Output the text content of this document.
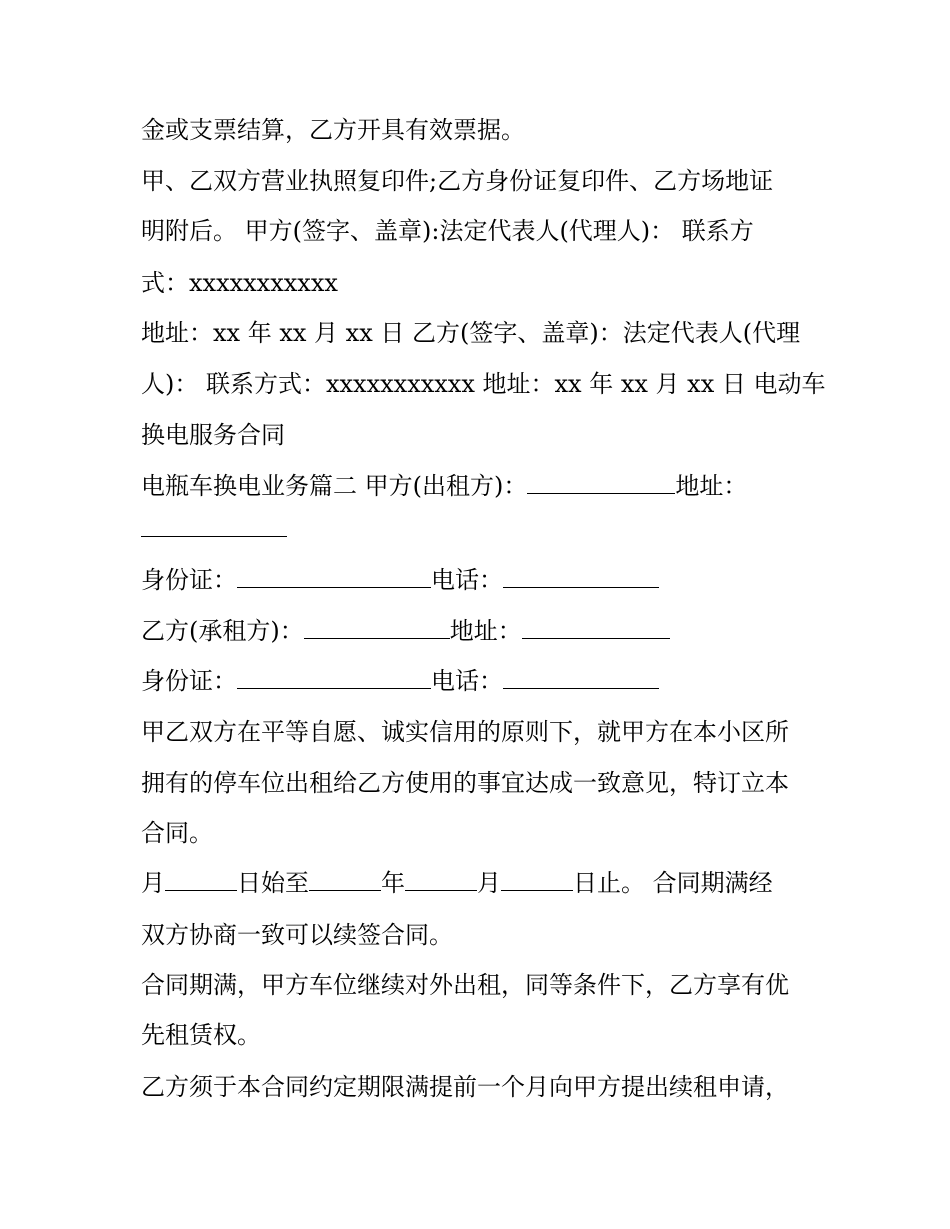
金或支票结算，乙方开具有效票据。
甲、乙双方营业执照复印件;乙方身份证复印件、乙方场地证
明附后。 甲方(签字、盖章):法定代表人(代理人)： 联系方
式：xxxxxxxxxxx
地址：xx 年 xx 月 xx 日 乙方(签字、盖章)：法定代表人(代理
人)： 联系方式：xxxxxxxxxxx 地址：xx 年 xx 月 xx 日 电动车
换电服务合同
电瓶车换电业务篇二 甲方(出租方)：	地址：
身份证：	电话：
乙方(承租方)：	地址：
身份证：	电话：
甲乙双方在平等自愿、诚实信用的原则下，就甲方在本小区所
拥有的停车位出租给乙方使用的事宜达成一致意见，特订立本
合同。
月	日始至	年	月	日止。 合同期满经
双方协商一致可以续签合同。
合同期满，甲方车位继续对外出租，同等条件下，乙方享有优
先租赁权。
乙方须于本合同约定期限满提前一个月向甲方提出续租申请，
